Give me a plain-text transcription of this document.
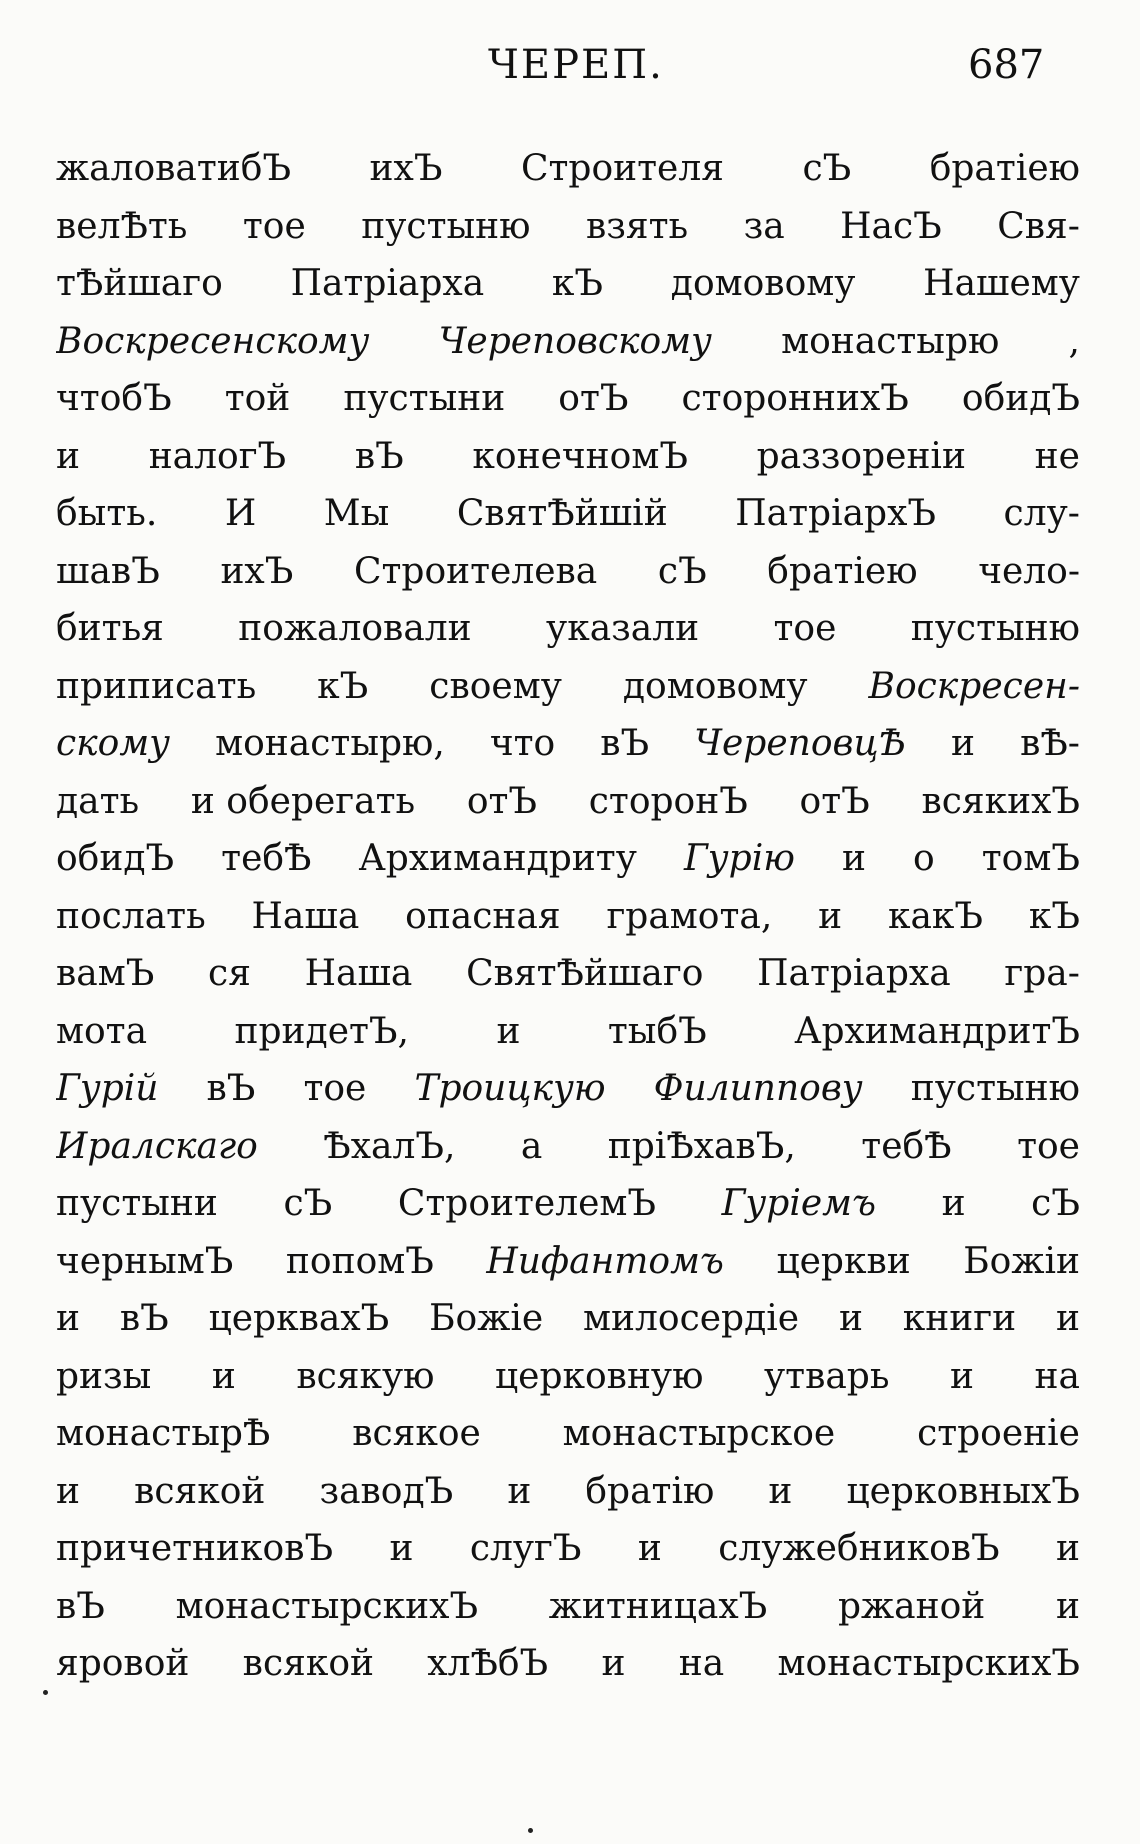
ЧЕРЕП.	687
жаловатибЪ ихЪ Строителя сЪ братіею
велѢть тое пустыню взять за НасЪ Свя-
тѢйшаго Патріарха кЪ домовому Нашему
Воскресенскому Череповскому монастырю ,
чтобЪ той пустыни отЪ стороннихЪ обидЪ
и налогЪ вЪ конечномЪ раззореніи не
быть. И Мы СвятѢйшій ПатріархЪ слу-
шавЪ ихЪ Строителева сЪ братіею чело-
битья пожаловали указали тое пустыню
приписать кЪ своему домовому Воскресен-
скому монастырю, что вЪ ЧереповцѢ и вѢ-
дать и оберегать отЪ сторонЪ отЪ всякихЪ
обидЪ тебѢ Архимандриту Гурію и о томЪ
послать Наша опасная грамота, и какЪ кЪ
вамЪ ся Наша СвятѢйшаго Патріарха гра-
мота придетЪ, и тыбЪ АрхимандритЪ
Гурій вЪ тое Троицкую Филиппову пустыню
Иралскаго ѢхалЪ, а пріѢхавЪ, тебѢ тое
пустыни сЪ СтроителемЪ Гурiемъ и сЪ
чернымЪ попомЪ Нифантомъ церкви Божіи
и вЪ церквахЪ Божіе милосердіе и книги и
ризы и всякую церковную утварь и на
монастырѢ всякое монастырское строеніе
и всякой заводЪ и братію и церковныхЪ
причетниковЪ и слугЪ и служебниковЪ и
вЪ монастырскихЪ житницахЪ ржаной и
яровой всякой хлѢбЪ и на монастырскихЪ
